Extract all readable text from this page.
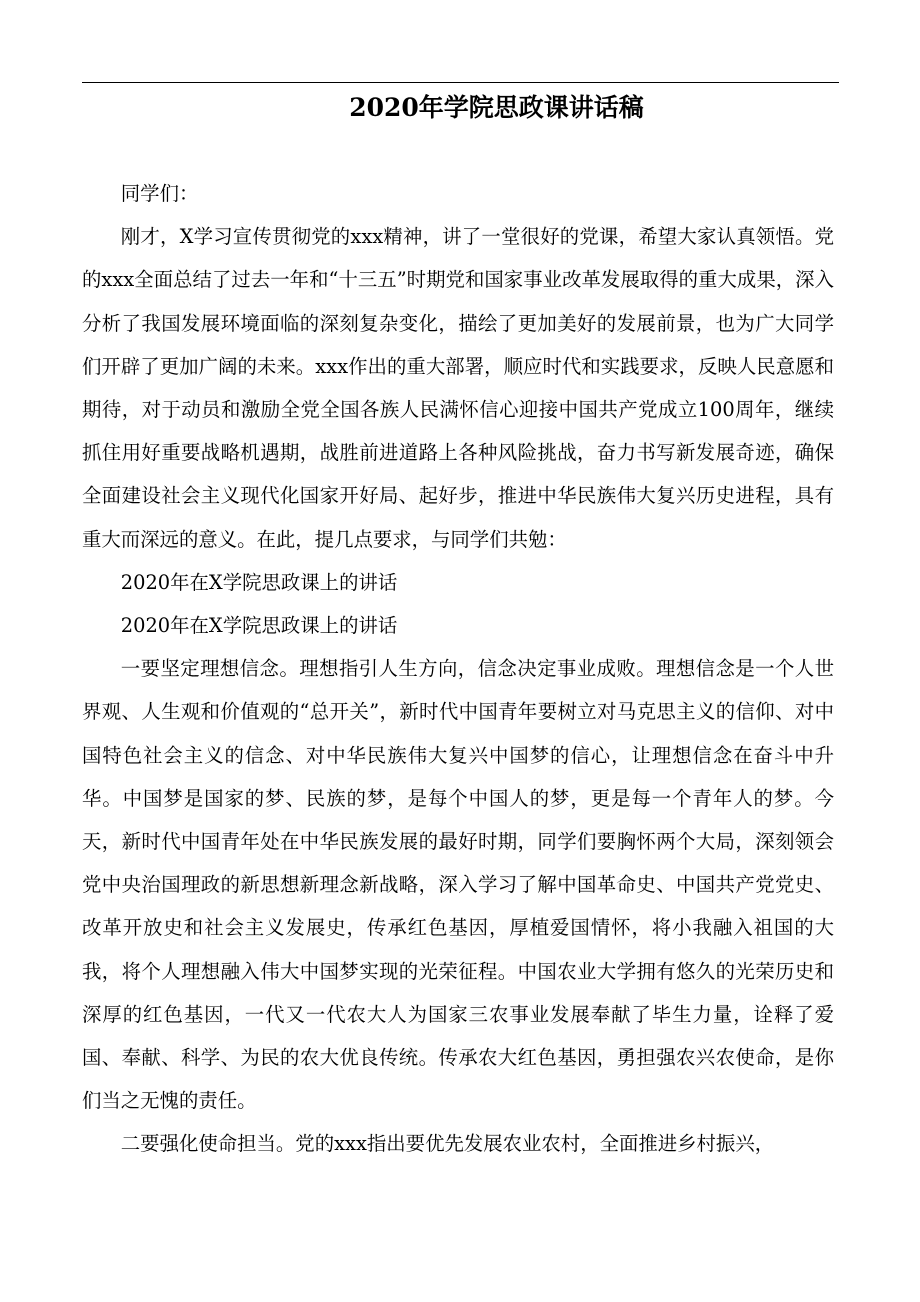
2020年学院思政课讲话稿

同学们：

刚才，X学习宣传贯彻党的xxx精神，讲了一堂很好的党课，希望大家认真领悟。党的xxx全面总结了过去一年和“十三五”时期党和国家事业改革发展取得的重大成果，深入分析了我国发展环境面临的深刻复杂变化，描绘了更加美好的发展前景，也为广大同学们开辟了更加广阔的未来。xxx作出的重大部署，顺应时代和实践要求，反映人民意愿和期待，对于动员和激励全党全国各族人民满怀信心迎接中国共产党成立100周年，继续抓住用好重要战略机遇期，战胜前进道路上各种风险挑战，奋力书写新发展奇迹，确保全面建设社会主义现代化国家开好局、起好步，推进中华民族伟大复兴历史进程，具有重大而深远的意义。在此，提几点要求，与同学们共勉：

2020年在X学院思政课上的讲话

2020年在X学院思政课上的讲话

一要坚定理想信念。理想指引人生方向，信念决定事业成败。理想信念是一个人世界观、人生观和价值观的“总开关”，新时代中国青年要树立对马克思主义的信仰、对中国特色社会主义的信念、对中华民族伟大复兴中国梦的信心，让理想信念在奋斗中升华。中国梦是国家的梦、民族的梦，是每个中国人的梦，更是每一个青年人的梦。今天，新时代中国青年处在中华民族发展的最好时期，同学们要胸怀两个大局，深刻领会党中央治国理政的新思想新理念新战略，深入学习了解中国革命史、中国共产党党史、改革开放史和社会主义发展史，传承红色基因，厚植爱国情怀，将小我融入祖国的大我，将个人理想融入伟大中国梦实现的光荣征程。中国农业大学拥有悠久的光荣历史和深厚的红色基因，一代又一代农大人为国家三农事业发展奉献了毕生力量，诠释了爱国、奉献、科学、为民的农大优良传统。传承农大红色基因，勇担强农兴农使命，是你们当之无愧的责任。

二要强化使命担当。党的xxx指出要优先发展农业农村，全面推进乡村振兴，
